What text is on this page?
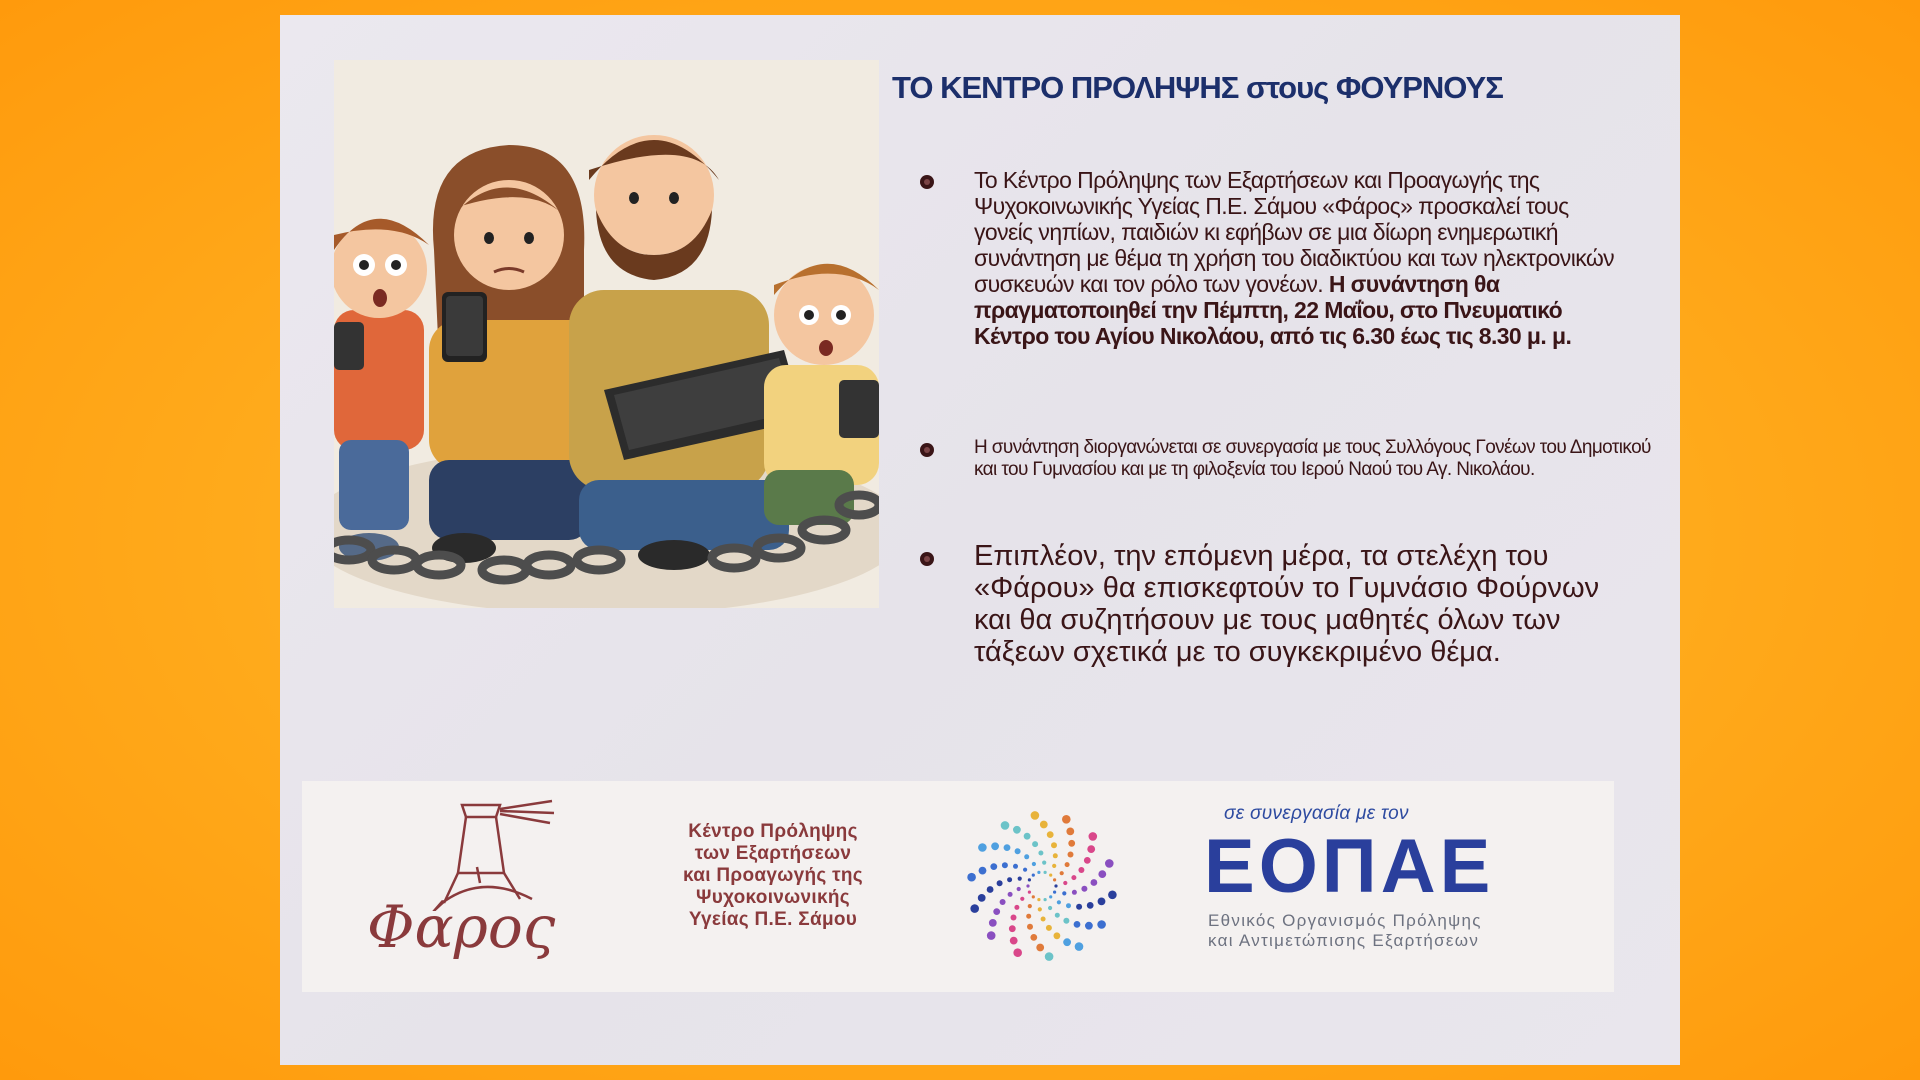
ΤΟ ΚΕΝΤΡΟ ΠΡΟΛΗΨΗΣ στους ΦΟΥΡΝΟΥΣ
Το Κέντρο Πρόληψης των Εξαρτήσεων και Προαγωγής της Ψυχοκοινωνικής Υγείας Π.Ε. Σάμου «Φάρος» προσκαλεί τους γονείς νηπίων, παιδιών κι εφήβων σε μια δίωρη ενημερωτική συνάντηση με θέμα τη χρήση του διαδικτύου και των ηλεκτρονικών συσκευών και τον ρόλο των γονέων. Η συνάντηση θα πραγματοποιηθεί την Πέμπτη, 22 Μαΐου, στο Πνευματικό Κέντρο του Αγίου Νικολάου, από τις 6.30 έως τις 8.30 μ. μ.
Η συνάντηση διοργανώνεται σε συνεργασία με τους Συλλόγους Γονέων του Δημοτικού και του Γυμνασίου και με τη φιλοξενία του Ιερού Ναού του Αγ. Νικολάου.
Επιπλέον, την επόμενη μέρα, τα στελέχη του «Φάρου» θα επισκεφτούν το Γυμνάσιο Φούρνων και θα συζητήσουν με τους μαθητές όλων των τάξεων σχετικά με το συγκεκριμένο θέμα.
Φάρος
Κέντρο Πρόληψης
των Εξαρτήσεων
και Προαγωγής της
Ψυχοκοινωνικής
Υγείας Π.Ε. Σάμου
σε συνεργασία με τον
ΕΟΠΑΕ
Εθνικός Οργανισμός Πρόληψης
και Αντιμετώπισης Εξαρτήσεων
